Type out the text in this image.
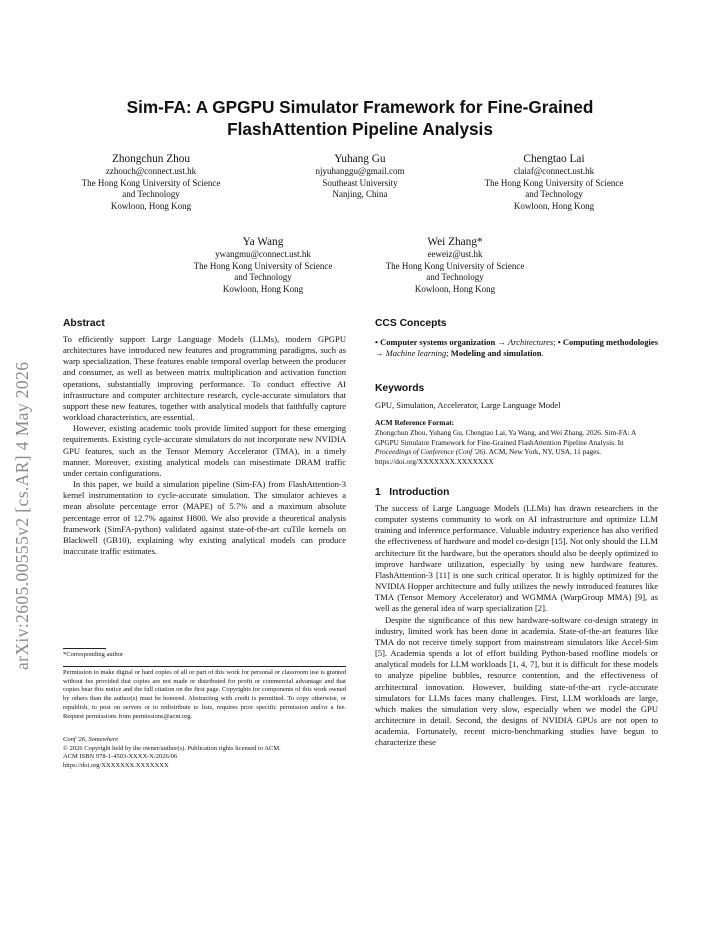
arXiv:2605.00555v2 [cs.AR] 4 May 2026
Sim-FA: A GPGPU Simulator Framework for Fine-Grained
FlashAttention Pipeline Analysis
Zhongchun Zhou
zzhouch@connect.ust.hk
The Hong Kong University of Science
and Technology
Kowloon, Hong Kong
Yuhang Gu
njyuhanggu@gmail.com
Southeast University
Nanjing, China
Chengtao Lai
claiaf@connect.ust.hk
The Hong Kong University of Science
and Technology
Kowloon, Hong Kong
Ya Wang
ywangmu@connect.ust.hk
The Hong Kong University of Science
and Technology
Kowloon, Hong Kong
Wei Zhang*
eeweiz@ust.hk
The Hong Kong University of Science
and Technology
Kowloon, Hong Kong
Abstract

To efficiently support Large Language Models (LLMs), modern GPGPU architectures have introduced new features and programming paradigms, such as warp specialization. These features enable temporal overlap between the producer and consumer, as well as between matrix multiplication and activation function operations, substantially improving performance. To conduct effective AI infrastructure and computer architecture research, cycle-accurate simulators that support these new features, together with analytical models that faithfully capture workload characteristics, are essential.

However, existing academic tools provide limited support for these emerging requirements. Existing cycle-accurate simulators do not incorporate new NVIDIA GPU features, such as the Tensor Memory Accelerator (TMA), in a timely manner. Moreover, existing analytical models can misestimate DRAM traffic under certain configurations.

In this paper, we build a simulation pipeline (Sim-FA) from FlashAttention-3 kernel instrumentation to cycle-accurate simulation. The simulator achieves a mean absolute percentage error (MAPE) of 5.7% and a maximum absolute percentage error of 12.7% against H800. We also provide a theoretical analysis framework (SimFA-python) validated against state-of-the-art cuTile kernels on Blackwell (GB10), explaining why existing analytical models can produce inaccurate traffic estimates.

*Corresponding author
Permission to make digital or hard copies of all or part of this work for personal or classroom use is granted without fee provided that copies are not made or distributed for profit or commercial advantage and that copies bear this notice and the full citation on the first page. Copyrights for components of this work owned by others than the author(s) must be honored. Abstracting with credit is permitted. To copy otherwise, or republish, to post on servers or to redistribute to lists, requires prior specific permission and/or a fee. Request permissions from permissions@acm.org.
Conf '26, Somewhere
© 2026 Copyright held by the owner/author(s). Publication rights licensed to ACM.
ACM ISBN 978-1-4503-XXXX-X/2026/06
https://doi.org/XXXXXXX.XXXXXXX
CCS Concepts
• Computer systems organization → Architectures; • Computing methodologies → Machine learning; Modeling and simulation.
Keywords
GPU, Simulation, Accelerator, Large Language Model
ACM Reference Format:
Zhongchun Zhou, Yuhang Gu, Chengtao Lai, Ya Wang, and Wei Zhang. 2026. Sim-FA: A GPGPU Simulator Framework for Fine-Grained FlashAttention Pipeline Analysis. In Proceedings of Conference (Conf '26). ACM, New York, NY, USA, 11 pages. https://doi.org/XXXXXXX.XXXXXXX
1   Introduction

The success of Large Language Models (LLMs) has drawn researchers in the computer systems community to work on AI infrastructure and optimize LLM training and inference performance. Valuable industry experience has also verified the effectiveness of hardware and model co-design [15]. Not only should the LLM architecture fit the hardware, but the operators should also be deeply optimized to improve hardware utilization, especially by using new hardware features. FlashAttention-3 [11] is one such critical operator. It is highly optimized for the NVIDIA Hopper architecture and fully utilizes the newly introduced features like TMA (Tensor Memory Accelerator) and WGMMA (WarpGroup MMA) [9], as well as the general idea of warp specialization [2].

Despite the significance of this new hardware-software co-design strategy in industry, limited work has been done in academia. State-of-the-art features like TMA do not receive timely support from mainstream simulators like Accel-Sim [5]. Academia spends a lot of effort building Python-based roofline models or analytical models for LLM workloads [1, 4, 7], but it is difficult for these models to analyze pipeline bubbles, resource contention, and the effectiveness of architectural innovation. However, building state-of-the-art cycle-accurate simulators for LLMs faces many challenges. First, LLM workloads are large, which makes the simulation very slow, especially when we model the GPU architecture in detail. Second, the designs of NVIDIA GPUs are not open to academia. Fortunately, recent micro-benchmarking studies have begun to characterize these
